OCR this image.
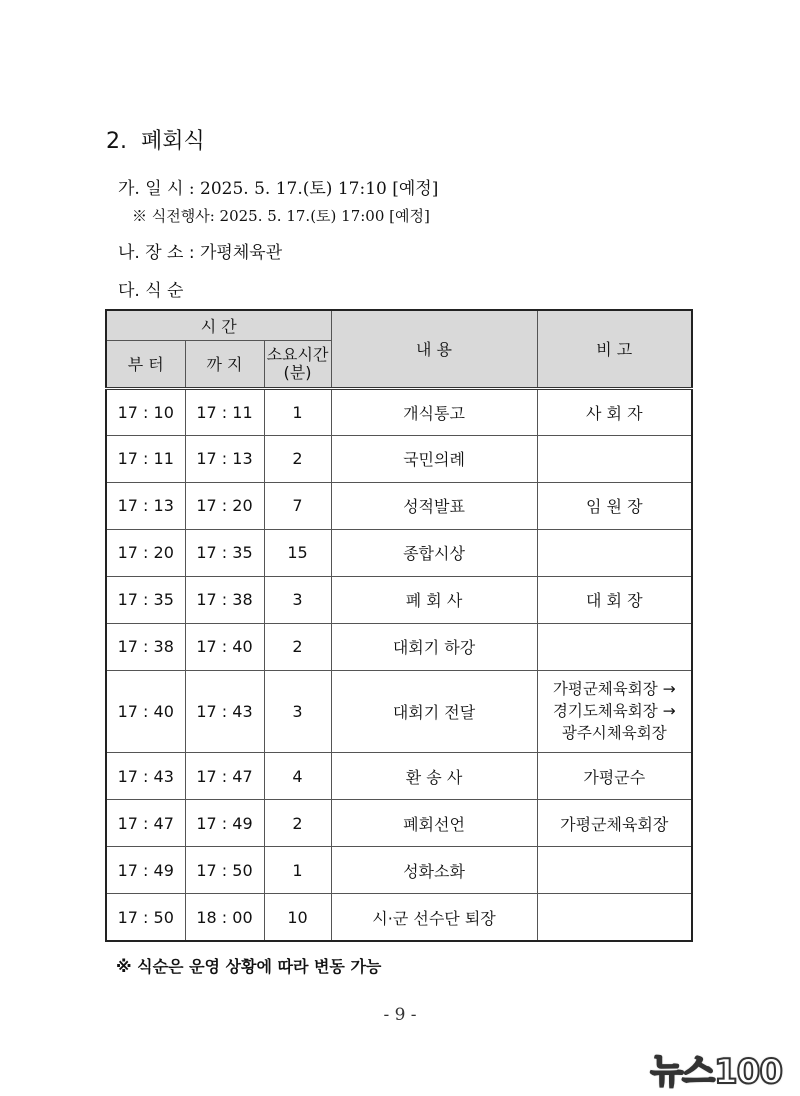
2. 폐회식
가. 일 시 : 2025. 5. 17.(토) 17:10 [예정]
※ 식전행사: 2025. 5. 17.(토) 17:00 [예정]
나. 장 소 : 가평체육관
다. 식 순
시 간			내 용	비 고
부 터	까 지	소요시간(분)		
17 : 10	17 : 11	1	개식통고	사 회 자
17 : 11	17 : 13	2	국민의례	
17 : 13	17 : 20	7	성적발표	임 원 장
17 : 20	17 : 35	15	종합시상	
17 : 35	17 : 38	3	폐 회 사	대 회 장
17 : 38	17 : 40	2	대회기 하강	
17 : 40	17 : 43	3	대회기 전달	가평군체육회장 →
경기도체육회장 →
광주시체육회장

17 : 43	17 : 47	4	환 송 사	가평군수
17 : 47	17 : 49	2	폐회선언	가평군체육회장
17 : 49	17 : 50	1	성화소화	
17 : 50	18 : 00	10	시·군 선수단 퇴장	
※ 식순은 운영 상황에 따라 변동 가능
- 9 -
뉴스100
